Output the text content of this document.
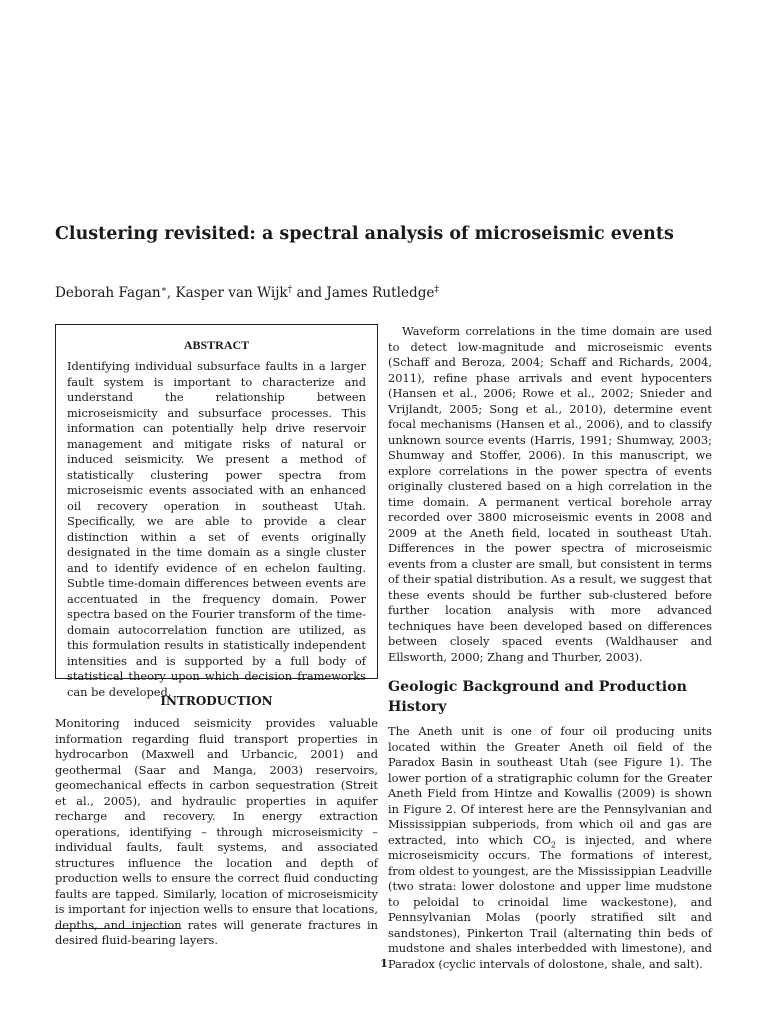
Clustering revisited: a spectral analysis of microseismic events
Deborah Fagan∗, Kasper van Wijk† and James Rutledge‡
ABSTRACT

Identifying individual subsurface faults in a larger fault system is important to characterize and understand the relationship between microseismicity and subsurface processes. This information can potentially help drive reservoir management and mitigate risks of natural or induced seismicity. We present a method of statistically clustering power spectra from microseismic events associated with an enhanced oil recovery operation in southeast Utah. Specifically, we are able to provide a clear distinction within a set of events originally designated in the time domain as a single cluster and to identify evidence of en echelon faulting. Subtle time-domain differences between events are accentuated in the frequency domain. Power spectra based on the Fourier transform of the time-domain autocorrelation function are utilized, as this formulation results in statistically independent intensities and is supported by a full body of statistical theory upon which decision frameworks can be developed.

INTRODUCTION

Monitoring induced seismicity provides valuable information regarding fluid transport properties in hydrocarbon (Maxwell and Urbancic, 2001) and geothermal (Saar and Manga, 2003) reservoirs, geomechanical effects in carbon sequestration (Streit et al., 2005), and hydraulic properties in aquifer recharge and recovery. In energy extraction operations, identifying – through microseismicity – individual faults, fault systems, and associated structures influence the location and depth of production wells to ensure the correct fluid conducting faults are tapped. Similarly, location of microseismicity is important for injection wells to ensure that locations, depths, and injection rates will generate fractures in desired fluid-bearing layers.

Waveform correlations in the time domain are used to detect low-magnitude and microseismic events (Schaff and Beroza, 2004; Schaff and Richards, 2004, 2011), refine phase arrivals and event hypocenters (Hansen et al., 2006; Rowe et al., 2002; Snieder and Vrijlandt, 2005; Song et al., 2010), determine event focal mechanisms (Hansen et al., 2006), and to classify unknown source events (Harris, 1991; Shumway, 2003; Shumway and Stoffer, 2006). In this manuscript, we explore correlations in the power spectra of events originally clustered based on a high correlation in the time domain. A permanent vertical borehole array recorded over 3800 microseismic events in 2008 and 2009 at the Aneth field, located in southeast Utah. Differences in the power spectra of microseismic events from a cluster are small, but consistent in terms of their spatial distribution. As a result, we suggest that these events should be further sub-clustered before further location analysis with more advanced techniques have been developed based on differences between closely spaced events (Waldhauser and Ellsworth, 2000; Zhang and Thurber, 2003).

Geologic Background and Production History

The Aneth unit is one of four oil producing units located within the Greater Aneth oil field of the Paradox Basin in southeast Utah (see Figure 1). The lower portion of a stratigraphic column for the Greater Aneth Field from Hintze and Kowallis (2009) is shown in Figure 2. Of interest here are the Pennsylvanian and Mississippian subperiods, from which oil and gas are extracted, into which $CO_2$ is injected, and where microseismicity occurs. The formations of interest, from oldest to youngest, are the Mississippian Leadville (two strata: lower dolostone and upper lime mudstone to peloidal to crinoidal lime wackestone), and Pennsylvanian Molas (poorly stratified silt and sandstones), Pinkerton Trail (alternating thin beds of mudstone and shales interbedded with limestone), and Paradox (cyclic intervals of dolostone, shale, and salt).

1
